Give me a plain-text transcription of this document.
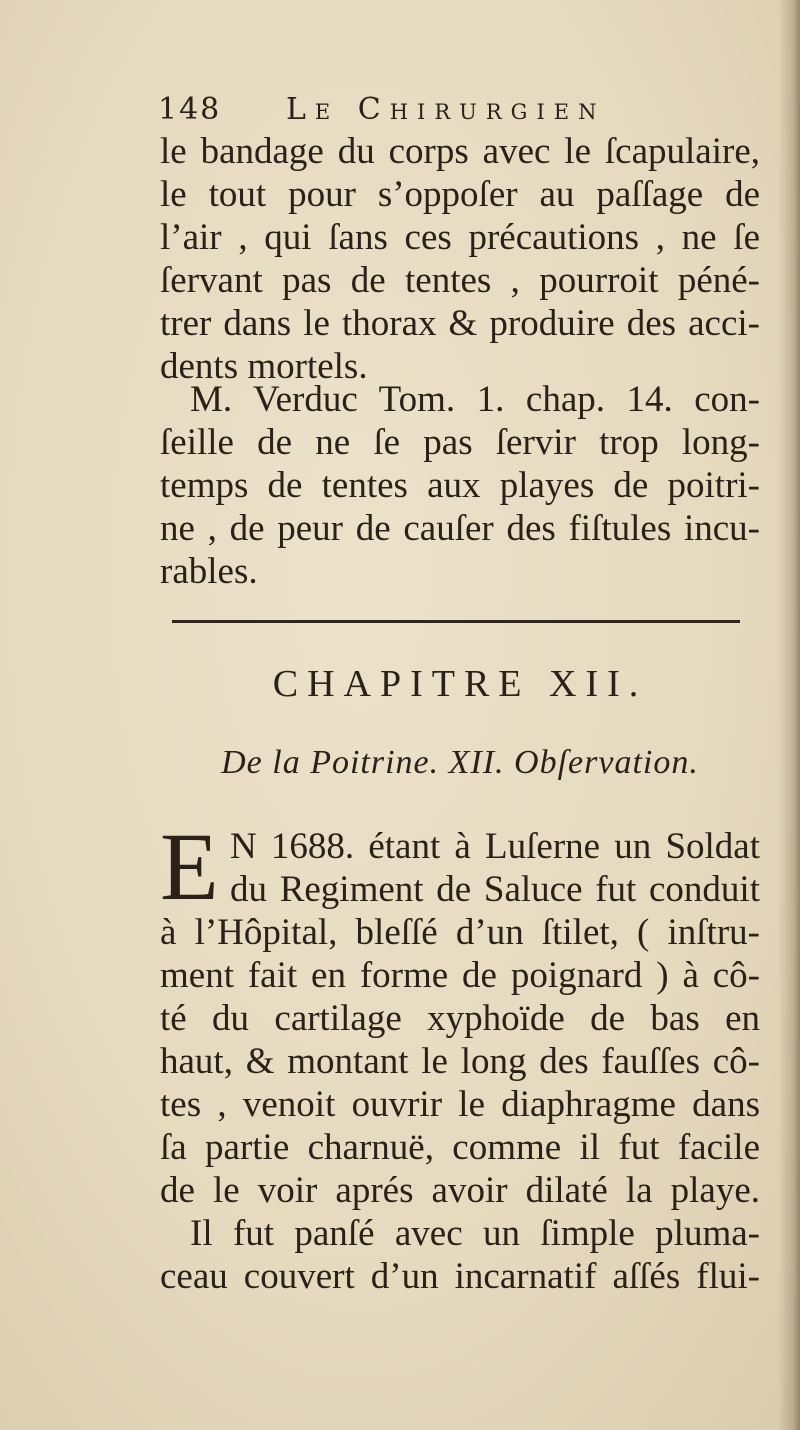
148 Le Chirurgien
le bandage du corps avec le ſcapulaire,
le tout pour s’oppoſer au paſſage de
l’air , qui ſans ces précautions , ne ſe
ſervant pas de tentes , pourroit péné-
trer dans le thorax & produire des acci-
dents mortels.
M. Verduc Tom. 1. chap. 14. con-
ſeille de ne ſe pas ſervir trop long-
temps de tentes aux playes de poitri-
ne , de peur de cauſer des fiſtules incu-
rables.
CHAPITRE XII.
De la Poitrine. XII. Obſervation.
E N 1688. étant à Luſerne un Soldat
du Regiment de Saluce fut conduit
à l’Hôpital, bleſſé d’un ſtilet, ( inſtru-
ment fait en forme de poignard ) à cô-
té du cartilage xyphoïde de bas en
haut, & montant le long des fauſſes cô-
tes , venoit ouvrir le diaphragme dans
ſa partie charnuë, comme il fut facile
de le voir aprés avoir dilaté la playe.
Il fut panſé avec un ſimple pluma-
ceau couvert d’un incarnatif aſſés flui-
